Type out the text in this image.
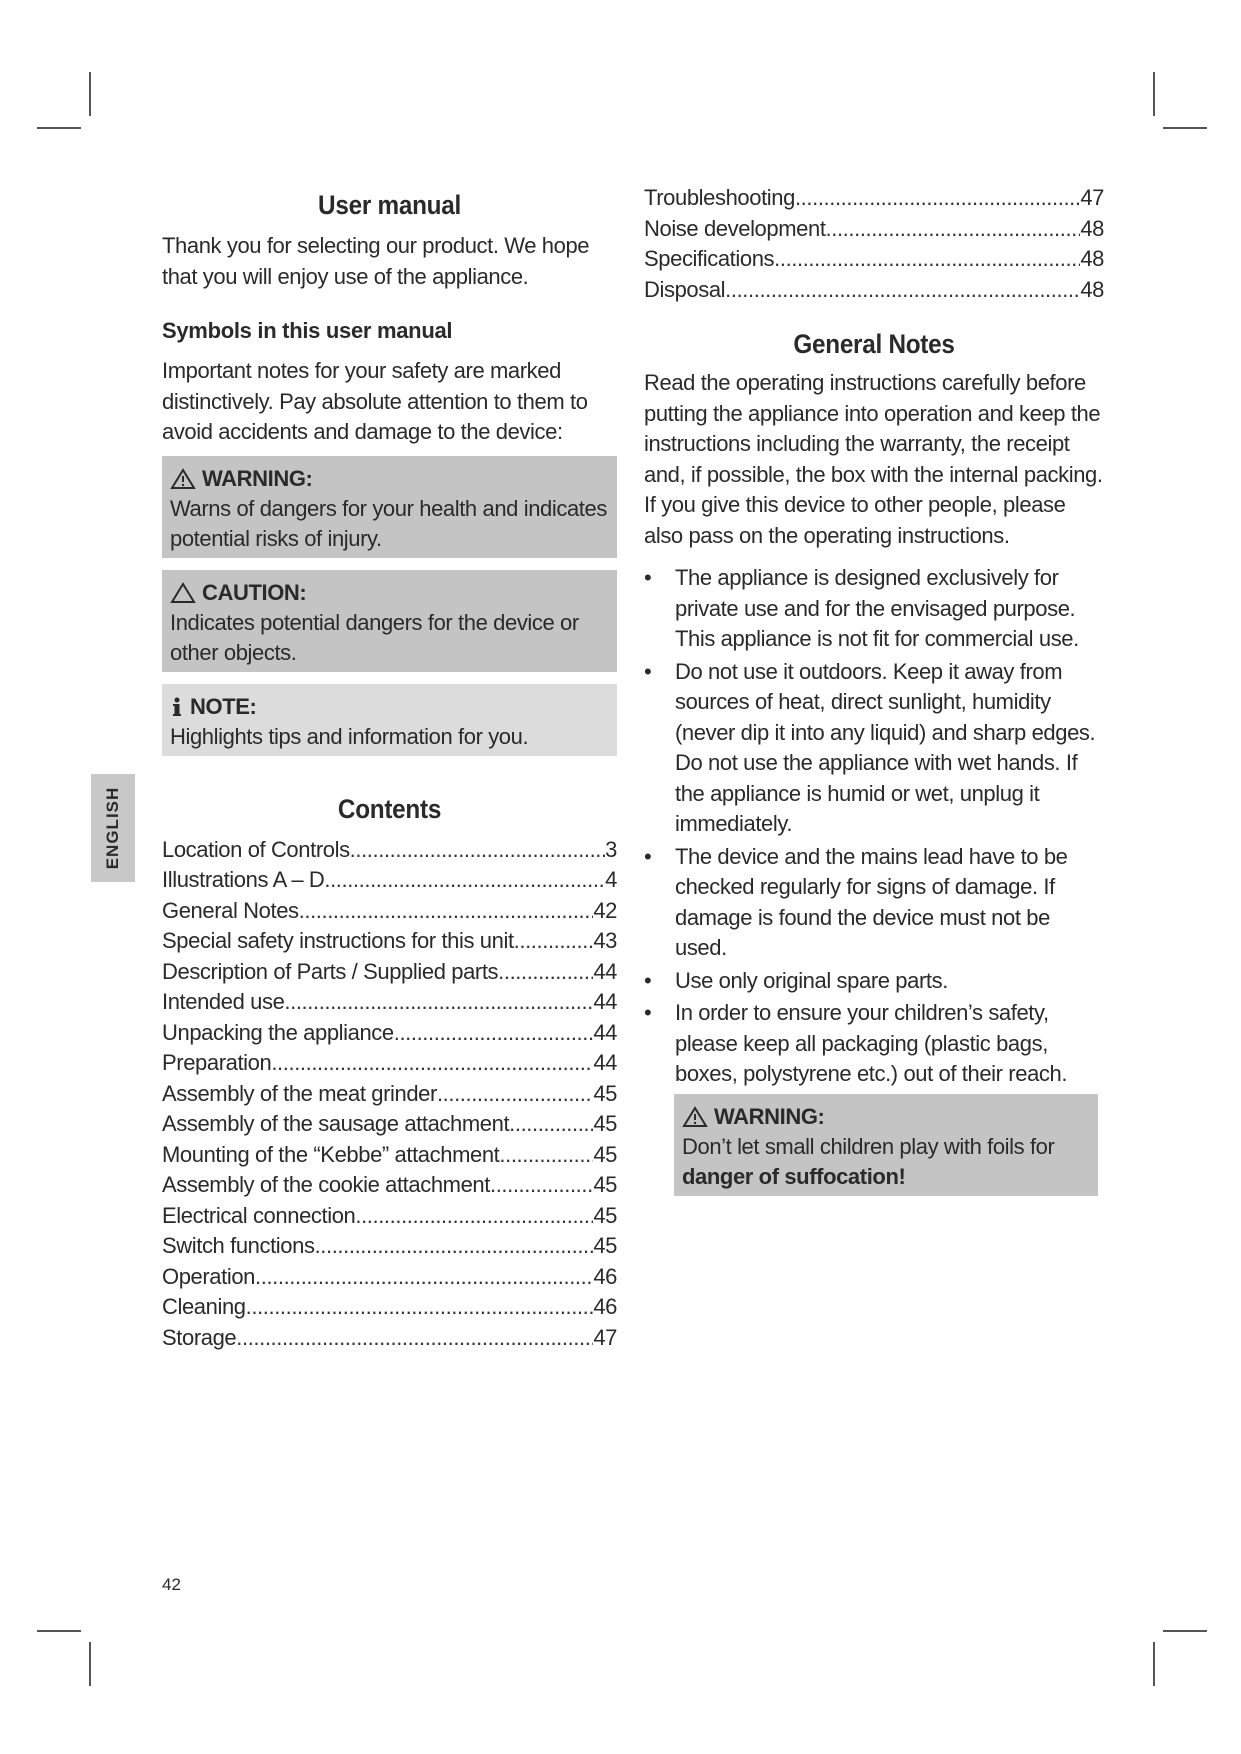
ENGLISH
User manual

Thank you for selecting our product. We hope that you will enjoy use of the appliance.

Symbols in this user manual

Important notes for your safety are marked distinctively. Pay absolute attention to them to avoid accidents and damage to the device:

WARNING:
Warns of dangers for your health and indicates potential risks of injury.
CAUTION:
Indicates potential dangers for the device or other objects.
NOTE:
Highlights tips and information for you.
Contents
Location of Controls .....	3
Illustrations A – D .....	4
General Notes .....	42
Special safety instructions for this unit .....	43
Description of Parts / Supplied parts .....	44
Intended use .....	44
Unpacking the appliance .....	44
Preparation .....	44
Assembly of the meat grinder .....	45
Assembly of the sausage attachment .....	45
Mounting of the “Kebbe” attachment .....	45
Assembly of the cookie attachment .....	45
Electrical connection .....	45
Switch functions .....	45
Operation .....	46
Cleaning .....	46
Storage .....	47
Troubleshooting .....	47
Noise development .....	48
Specifications .....	48
Disposal .....	48
General Notes

Read the operating instructions carefully before putting the appliance into operation and keep the instructions including the warranty, the receipt and, if possible, the box with the internal packing. If you give this device to other people, please also pass on the operating instructions.

• The appliance is designed exclusively for private use and for the envisaged purpose. This appliance is not fit for commercial use.
• Do not use it outdoors. Keep it away from sources of heat, direct sunlight, humidity (never dip it into any liquid) and sharp edges. Do not use the appliance with wet hands. If the appliance is humid or wet, unplug it immediately.
• The device and the mains lead have to be checked regularly for signs of damage. If damage is found the device must not be used.
• Use only original spare parts.
• In order to ensure your children’s safety, please keep all packaging (plastic bags, boxes, polystyrene etc.) out of their reach.
WARNING:
Don’t let small children play with foils for
danger of suffocation!
42
